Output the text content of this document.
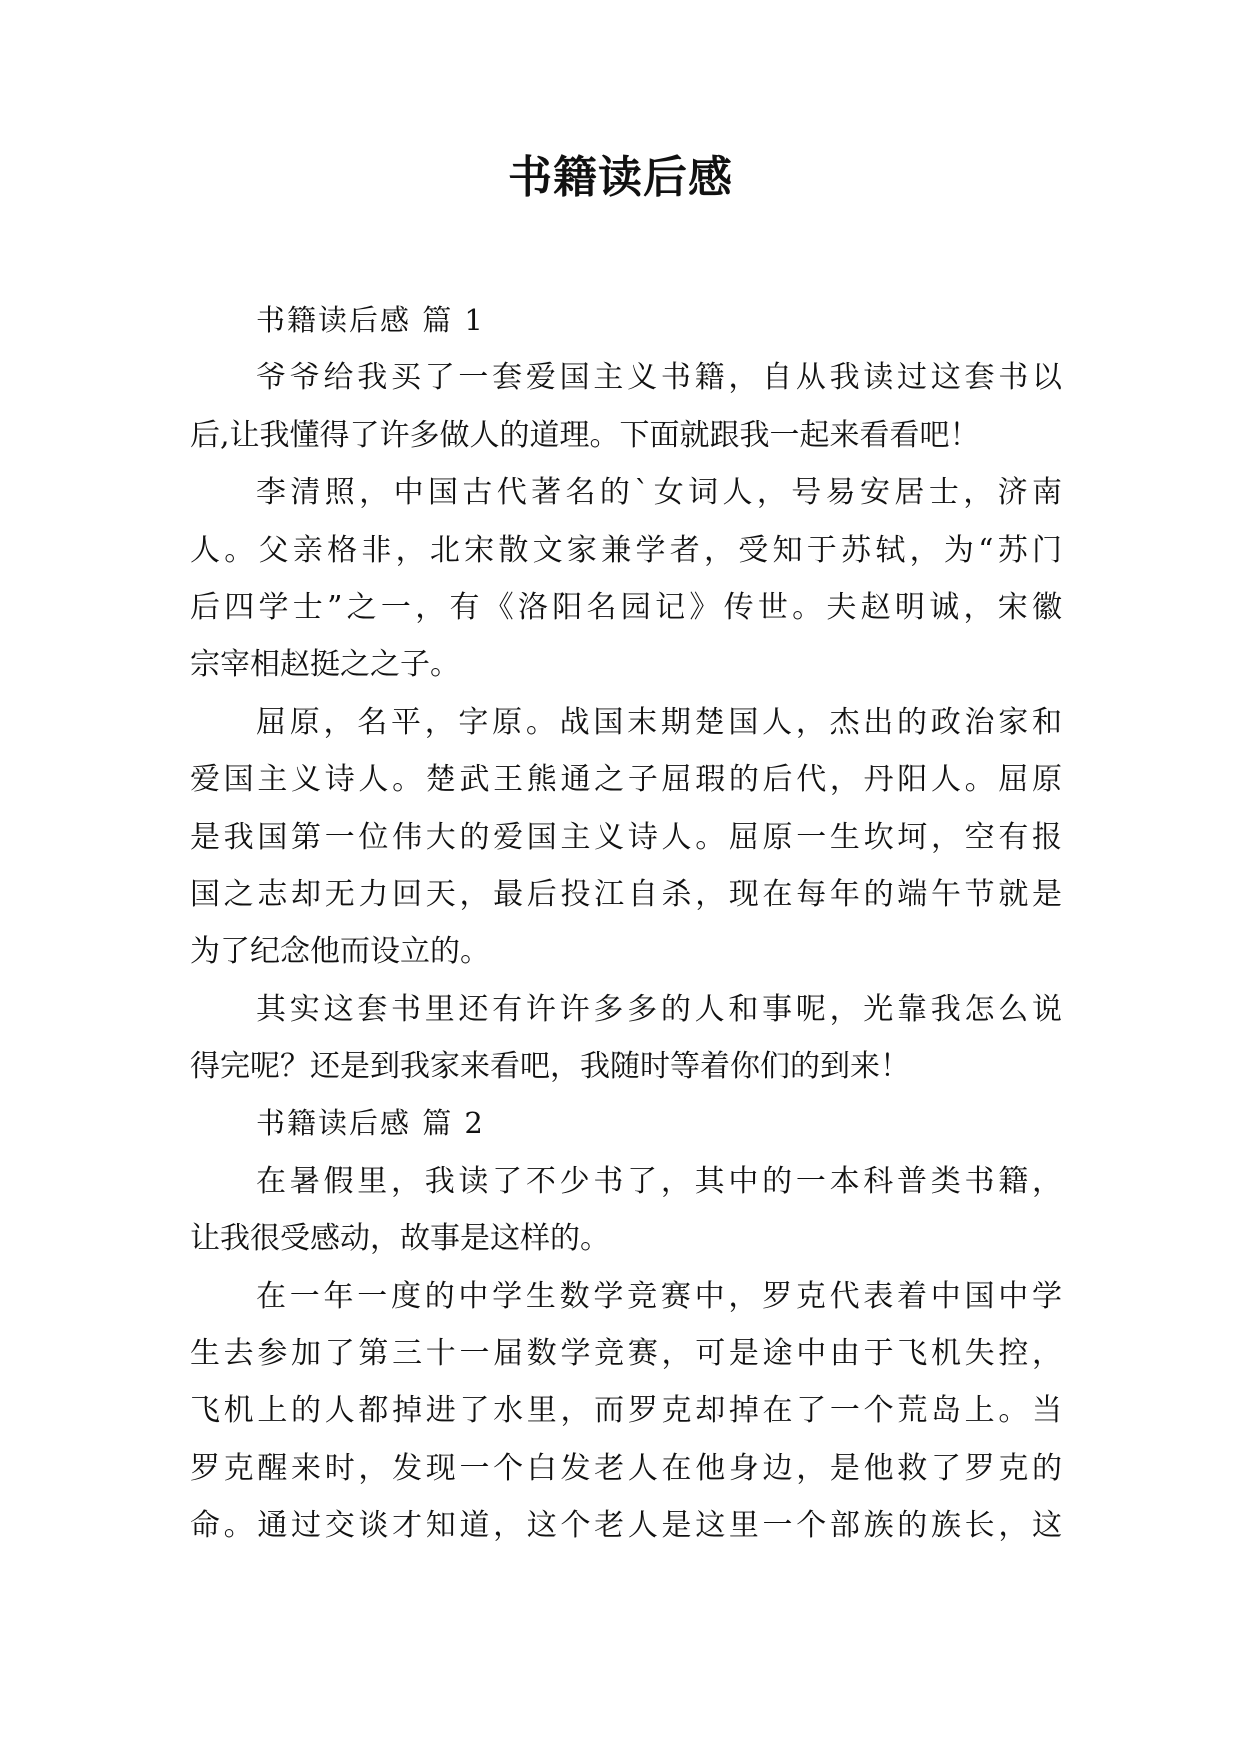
书籍读后感
书籍读后感 篇 1
爷爷给我买了一套爱国主义书籍，自从我读过这套书以
后,让我懂得了许多做人的道理。下面就跟我一起来看看吧！
李清照，中国古代著名的`女词人，号易安居士，济南
人。父亲格非，北宋散文家兼学者，受知于苏轼，为“苏门
后四学士”之一，有《洛阳名园记》传世。夫赵明诚，宋徽
宗宰相赵挺之之子。
屈原，名平，字原。战国末期楚国人，杰出的政治家和
爱国主义诗人。楚武王熊通之子屈瑕的后代，丹阳人。屈原
是我国第一位伟大的爱国主义诗人。屈原一生坎坷，空有报
国之志却无力回天，最后投江自杀，现在每年的端午节就是
为了纪念他而设立的。
其实这套书里还有许许多多的人和事呢，光靠我怎么说
得完呢？还是到我家来看吧，我随时等着你们的到来！
书籍读后感 篇 2
在暑假里，我读了不少书了，其中的一本科普类书籍，
让我很受感动，故事是这样的。
在一年一度的中学生数学竞赛中，罗克代表着中国中学
生去参加了第三十一届数学竞赛，可是途中由于飞机失控，
飞机上的人都掉进了水里，而罗克却掉在了一个荒岛上。当
罗克醒来时，发现一个白发老人在他身边，是他救了罗克的
命。通过交谈才知道，这个老人是这里一个部族的族长，这
